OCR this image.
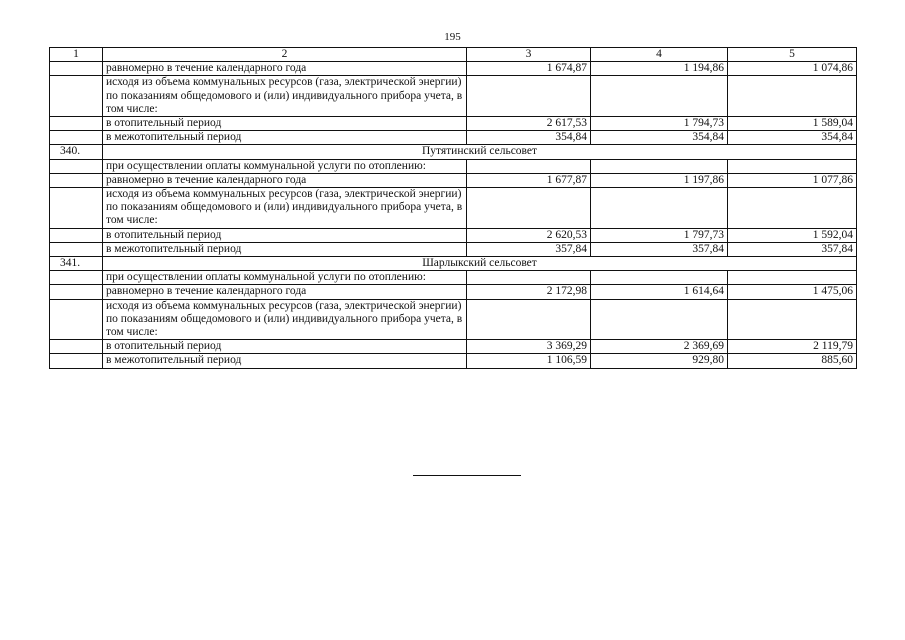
195
1	2	3	4	5
	равномерно в течение календарного года	1 674,87	1 194,86	1 074,86
	исходя из объема коммунальных ресурсов (газа, электрической энергии) по показаниям общедомового и (или) индивидуального прибора учета, в том числе:			
	в отопительный период	2 617,53	1 794,73	1 589,04
	в межотопительный период	354,84	354,84	354,84
340.	Путятинский сельсовет			
	при осуществлении оплаты коммунальной услуги по отоплению:			
	равномерно в течение календарного года	1 677,87	1 197,86	1 077,86
	исходя из объема коммунальных ресурсов (газа, электрической энергии) по показаниям общедомового и (или) индивидуального прибора учета, в том числе:			
	в отопительный период	2 620,53	1 797,73	1 592,04
	в межотопительный период	357,84	357,84	357,84
341.	Шарлыкский сельсовет			
	при осуществлении оплаты коммунальной услуги по отоплению:			
	равномерно в течение календарного года	2 172,98	1 614,64	1 475,06
	исходя из объема коммунальных ресурсов (газа, электрической энергии) по показаниям общедомового и (или) индивидуального прибора учета, в том числе:			
	в отопительный период	3 369,29	2 369,69	2 119,79
	в межотопительный период	1 106,59	929,80	885,60
